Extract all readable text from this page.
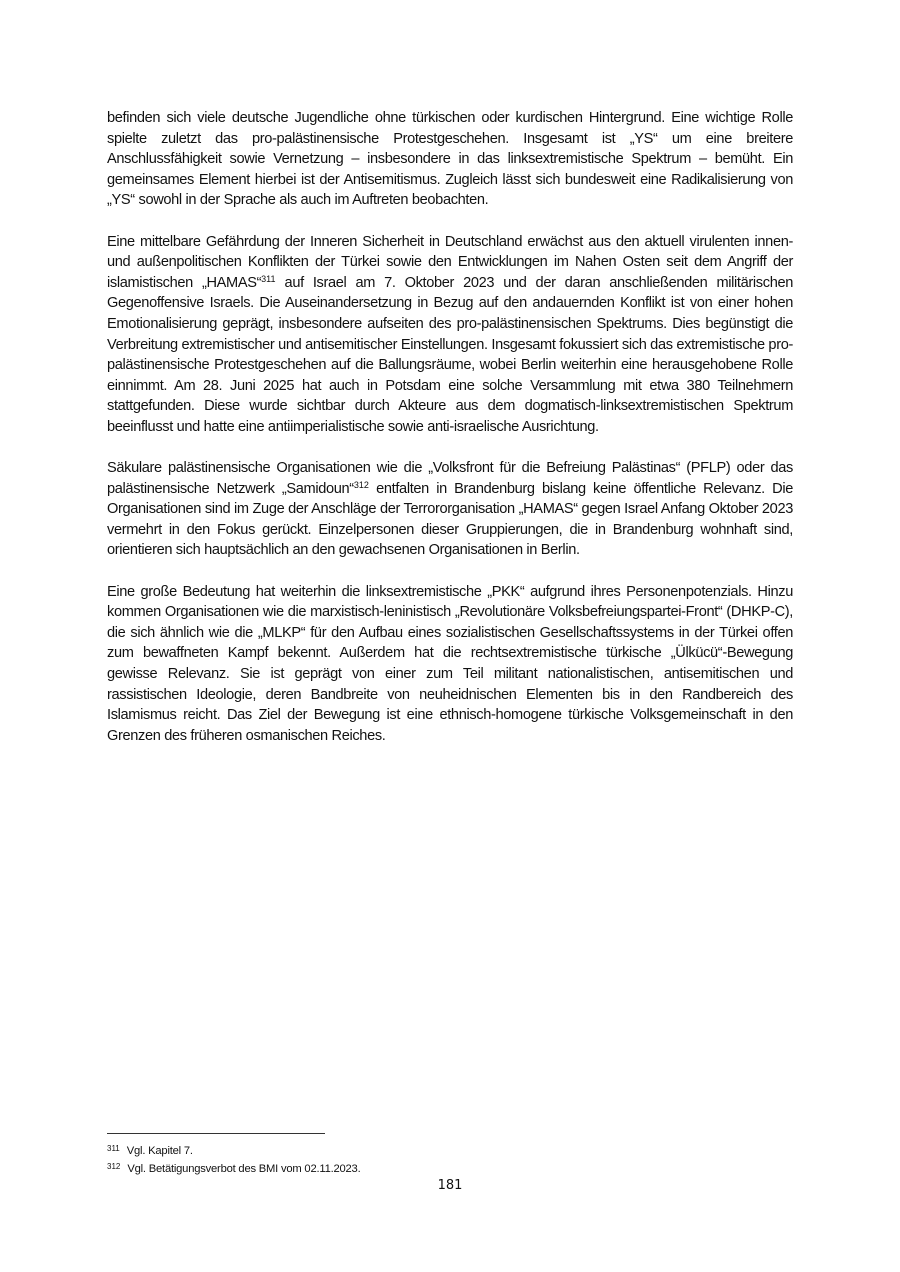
befinden sich viele deutsche Jugendliche ohne türkischen oder kurdischen Hintergrund. Eine wichtige Rolle spielte zuletzt das pro-palästinensische Protestgeschehen. Insgesamt ist „YS“ um eine breitere Anschlussfähigkeit sowie Vernetzung – insbesondere in das linksextremistische Spektrum – bemüht. Ein gemeinsames Element hierbei ist der Antisemitismus. Zugleich lässt sich bundesweit eine Radikalisierung von „YS“ sowohl in der Sprache als auch im Auftreten beobachten.

Eine mittelbare Gefährdung der Inneren Sicherheit in Deutschland erwächst aus den aktuell virulenten innen- und außenpolitischen Konflikten der Türkei sowie den Entwicklungen im Nahen Osten seit dem Angriff der islamistischen „HAMAS“$^{311}$ auf Israel am 7. Oktober 2023 und der daran anschließenden militärischen Gegenoffensive Israels. Die Auseinandersetzung in Bezug auf den andauernden Konflikt ist von einer hohen Emotionalisierung geprägt, insbesondere aufseiten des pro-palästinensischen Spektrums. Dies begünstigt die Verbreitung extremistischer und antisemitischer Einstellungen. Insgesamt fokussiert sich das extremistische pro-palästinensische Protestgeschehen auf die Ballungsräume, wobei Berlin weiterhin eine herausgehobene Rolle einnimmt. Am 28. Juni 2025 hat auch in Potsdam eine solche Versammlung mit etwa 380 Teilnehmern stattgefunden. Diese wurde sichtbar durch Akteure aus dem dogmatisch-linksextremistischen Spektrum beeinflusst und hatte eine antiimperialistische sowie anti-israelische Ausrichtung.

Säkulare palästinensische Organisationen wie die „Volksfront für die Befreiung Palästinas“ (PFLP) oder das palästinensische Netzwerk „Samidoun“$^{312}$ entfalten in Brandenburg bislang keine öffentliche Relevanz. Die Organisationen sind im Zuge der Anschläge der Terrororganisation „HAMAS“ gegen Israel Anfang Oktober 2023 vermehrt in den Fokus gerückt. Einzelpersonen dieser Gruppierungen, die in Brandenburg wohnhaft sind, orientieren sich hauptsächlich an den gewachsenen Organisationen in Berlin.

Eine große Bedeutung hat weiterhin die linksextremistische „PKK“ aufgrund ihres Personenpotenzials. Hinzu kommen Organisationen wie die marxistisch-leninistisch „Revolutionäre Volksbefreiungspartei-Front“ (DHKP-C), die sich ähnlich wie die „MLKP“ für den Aufbau eines sozialistischen Gesellschaftssystems in der Türkei offen zum bewaffneten Kampf bekennt. Außerdem hat die rechtsextremistische türkische „Ülkücü“-Bewegung gewisse Relevanz. Sie ist geprägt von einer zum Teil militant nationalistischen, antisemitischen und rassistischen Ideologie, deren Bandbreite von neuheidnischen Elementen bis in den Randbereich des Islamismus reicht. Das Ziel der Bewegung ist eine ethnisch-homogene türkische Volksgemeinschaft in den Grenzen des früheren osmanischen Reiches.

$^{311}$ Vgl. Kapitel 7.
$^{312}$ Vgl. Betätigungsverbot des BMI vom 02.11.2023.
181
